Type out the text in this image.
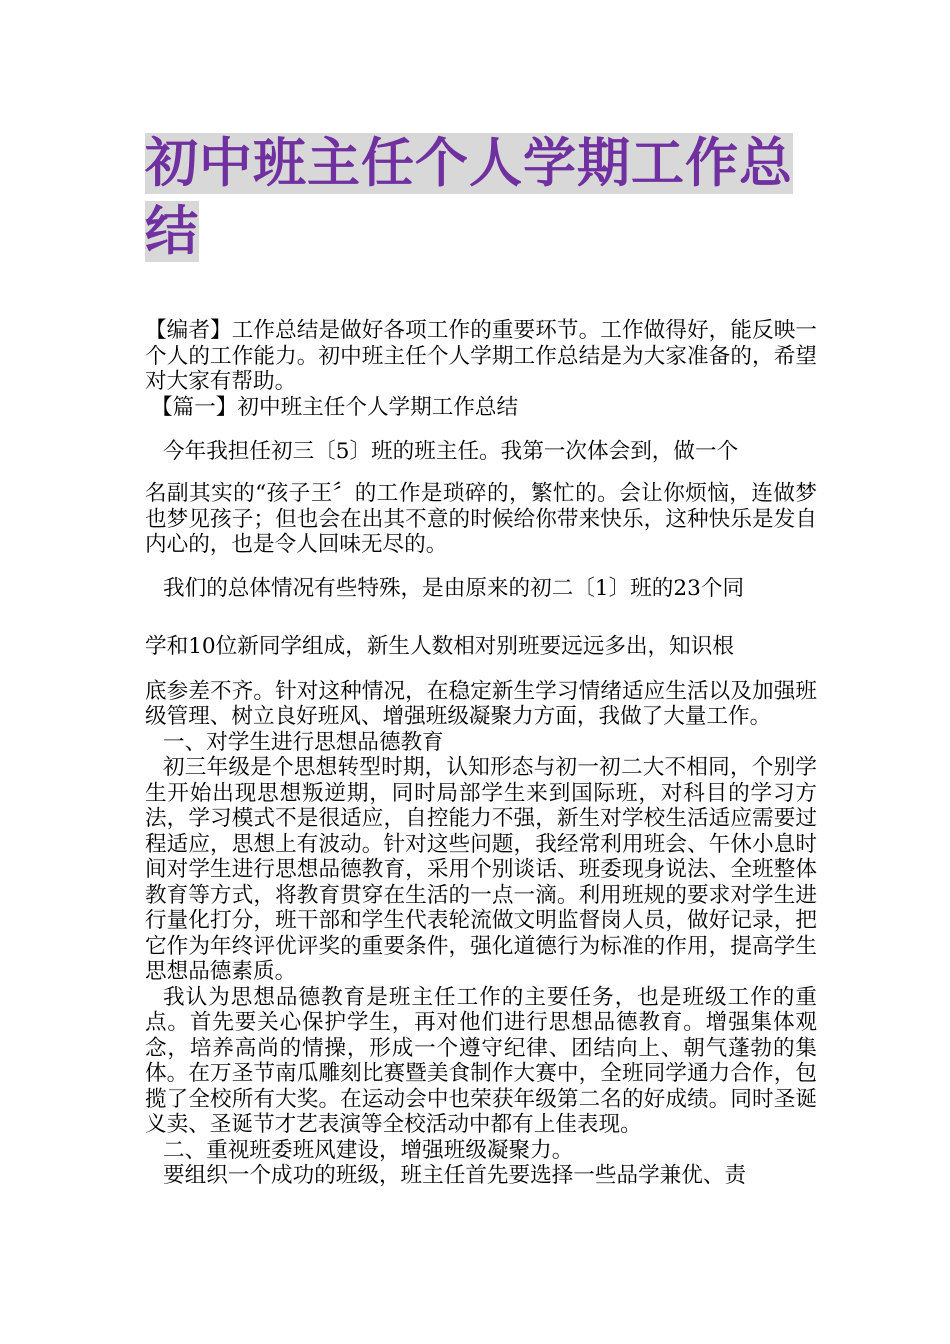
初中班主任个人学期工作总结

【编者】工作总结是做好各项工作的重要环节。工作做得好，能反映一个人的工作能力。初中班主任个人学期工作总结是为大家准备的，希望对大家有帮助。

【篇一】初中班主任个人学期工作总结

今年我担任初三〔5〕班的班主任。我第一次体会到，做一个

名副其实的“孩子王〞的工作是琐碎的，繁忙的。会让你烦恼，连做梦也梦见孩子；但也会在出其不意的时候给你带来快乐，这种快乐是发自内心的，也是令人回味无尽的。

我们的总体情况有些特殊，是由原来的初二〔1〕班的23个同

学和10位新同学组成，新生人数相对别班要远远多出，知识根

底参差不齐。针对这种情况，在稳定新生学习情绪适应生活以及加强班级管理、树立良好班风、增强班级凝聚力方面，我做了大量工作。

一、对学生进行思想品德教育

初三年级是个思想转型时期，认知形态与初一初二大不相同，个别学生开始出现思想叛逆期，同时局部学生来到国际班，对科目的学习方法，学习模式不是很适应，自控能力不强，新生对学校生活适应需要过程适应，思想上有波动。针对这些问题，我经常利用班会、午休小息时间对学生进行思想品德教育，采用个别谈话、班委现身说法、全班整体教育等方式，将教育贯穿在生活的一点一滴。利用班规的要求对学生进行量化打分，班干部和学生代表轮流做文明监督岗人员，做好记录，把它作为年终评优评奖的重要条件，强化道德行为标准的作用，提高学生思想品德素质。

我认为思想品德教育是班主任工作的主要任务，也是班级工作的重点。首先要关心保护学生，再对他们进行思想品德教育。增强集体观念，培养高尚的情操，形成一个遵守纪律、团结向上、朝气蓬勃的集体。在万圣节南瓜雕刻比赛暨美食制作大赛中，全班同学通力合作，包揽了全校所有大奖。在运动会中也荣获年级第二名的好成绩。同时圣诞义卖、圣诞节才艺表演等全校活动中都有上佳表现。

二、重视班委班风建设，增强班级凝聚力。

要组织一个成功的班级，班主任首先要选择一些品学兼优、责
